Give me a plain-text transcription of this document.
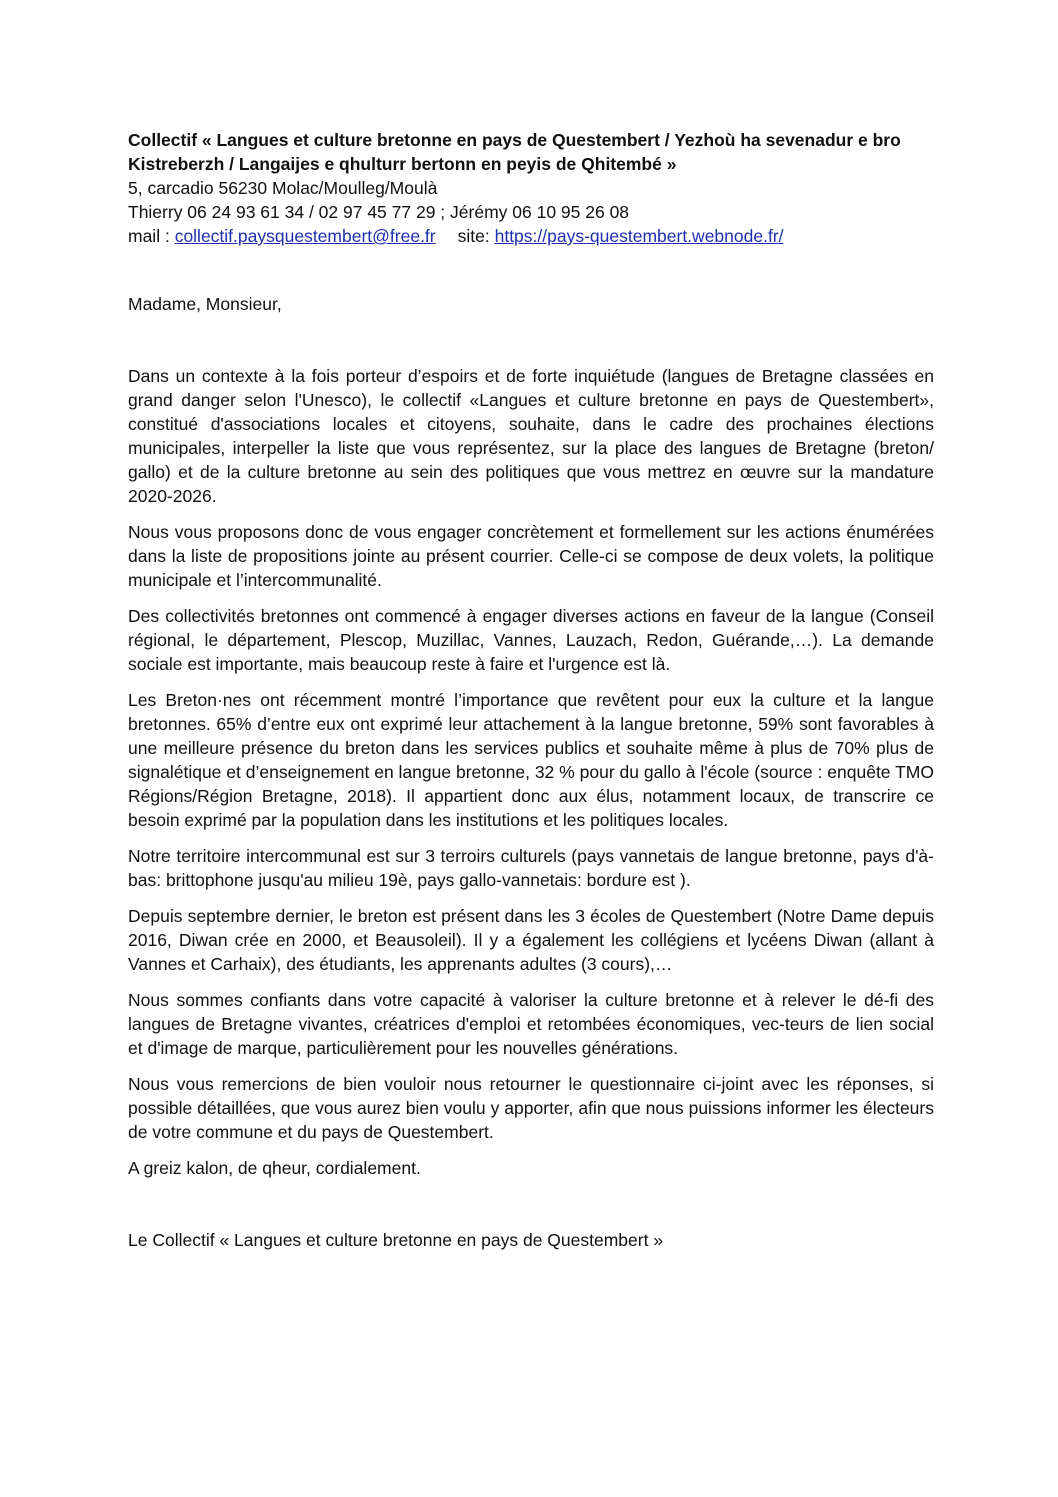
Collectif « Langues et culture bretonne en pays de Questembert / Yezhoù ha sevenadur e bro Kistreberzh / Langaijes e qhulturr bertonn en peyis de Qhitembé »

5, carcadio 56230 Molac/Moulleg/Moulà

Thierry 06 24 93 61 34 / 02 97 45 77 29 ; Jérémy 06 10 95 26 08

mail : collectif.paysquestembert@free.fr site: https://pays-questembert.webnode.fr/

Madame, Monsieur,

Dans un contexte à la fois porteur d’espoirs et de forte inquiétude (langues de Bretagne classées en grand danger selon l'Unesco), le collectif «Langues et culture bretonne en pays de Questembert», constitué d'associations locales et citoyens, souhaite, dans le cadre des prochaines élections municipales, interpeller la liste que vous représentez, sur la place des langues de Bretagne (breton/ gallo) et de la culture bretonne au sein des politiques que vous mettrez en œuvre sur la mandature 2020-2026.

Nous vous proposons donc de vous engager concrètement et formellement sur les actions énumérées dans la liste de propositions jointe au présent courrier. Celle-ci se compose de deux volets, la politique municipale et l’intercommunalité.

Des collectivités bretonnes ont commencé à engager diverses actions en faveur de la langue (Conseil régional, le département, Plescop, Muzillac, Vannes, Lauzach, Redon, Guérande,…). La demande sociale est importante, mais beaucoup reste à faire et l'urgence est là.

Les Breton·nes ont récemment montré l’importance que revêtent pour eux la culture et la langue bretonnes. 65% d’entre eux ont exprimé leur attachement à la langue bretonne, 59% sont favorables à une meilleure présence du breton dans les services publics et souhaite même à plus de 70% plus de signalétique et d’enseignement en langue bretonne, 32 % pour du gallo à l'école (source : enquête TMO Régions/Région Bretagne, 2018). Il appartient donc aux élus, notamment locaux, de transcrire ce besoin exprimé par la population dans les institutions et les politiques locales.

Notre territoire intercommunal est sur 3 terroirs culturels (pays vannetais de langue bretonne, pays d'à-bas: brittophone jusqu'au milieu 19è, pays gallo-vannetais: bordure est ).

Depuis septembre dernier, le breton est présent dans les 3 écoles de Questembert (Notre Dame depuis 2016, Diwan crée en 2000, et Beausoleil). Il y a également les collégiens et lycéens Diwan (allant à Vannes et Carhaix), des étudiants, les apprenants adultes (3 cours),…

Nous sommes confiants dans votre capacité à valoriser la culture bretonne et à relever le dé-fi des langues de Bretagne vivantes, créatrices d'emploi et retombées économiques, vec-teurs de lien social et d'image de marque, particulièrement pour les nouvelles générations.

Nous vous remercions de bien vouloir nous retourner le questionnaire ci-joint avec les réponses, si possible détaillées, que vous aurez bien voulu y apporter, afin que nous puissions informer les électeurs de votre commune et du pays de Questembert.

A greiz kalon, de qheur, cordialement.

Le Collectif « Langues et culture bretonne en pays de Questembert »
